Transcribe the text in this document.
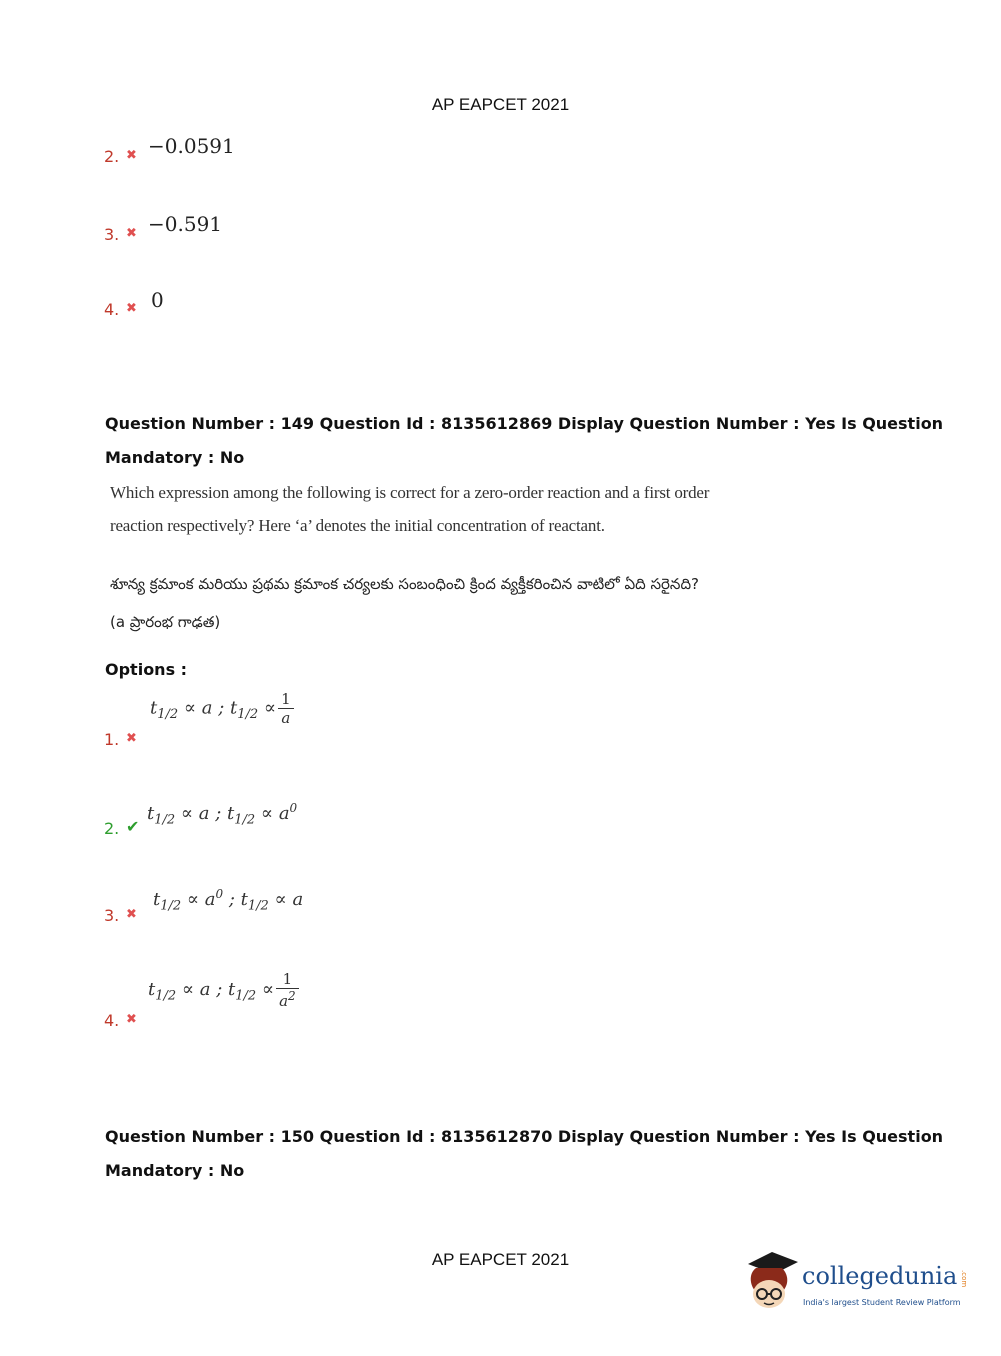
AP EAPCET 2021
2. ✖ −0.0591
3. ✖ −0.591
4. ✖ 0
Question Number : 149 Question Id : 8135612869 Display Question Number : Yes Is Question
Mandatory : No
Which expression among the following is correct for a zero-order reaction and a first order
reaction respectively? Here ‘a’ denotes the initial concentration of reactant.
శూన్య క్రమాంక మరియు ప్రథమ క్రమాంక చర్యలకు సంబంధించి క్రింద వ్యక్తీకరించిన వాటిలో ఏది సరైనది?
(a ప్రారంభ గాఢత)
Options :
1. ✖
$t_{1/2} \propto a$ ; $t_{1/2} \propto \frac{1}{a}$
2. ✔
$t_{1/2} \propto a$ ; $t_{1/2} \propto a^0$
3. ✖
$t_{1/2} \propto a^0$ ; $t_{1/2} \propto a$
4. ✖
$t_{1/2} \propto a$ ; $t_{1/2} \propto \frac{1}{a^2}$
Question Number : 150 Question Id : 8135612870 Display Question Number : Yes Is Question
Mandatory : No
AP EAPCET 2021
collegedunia .com
India's largest Student Review Platform
